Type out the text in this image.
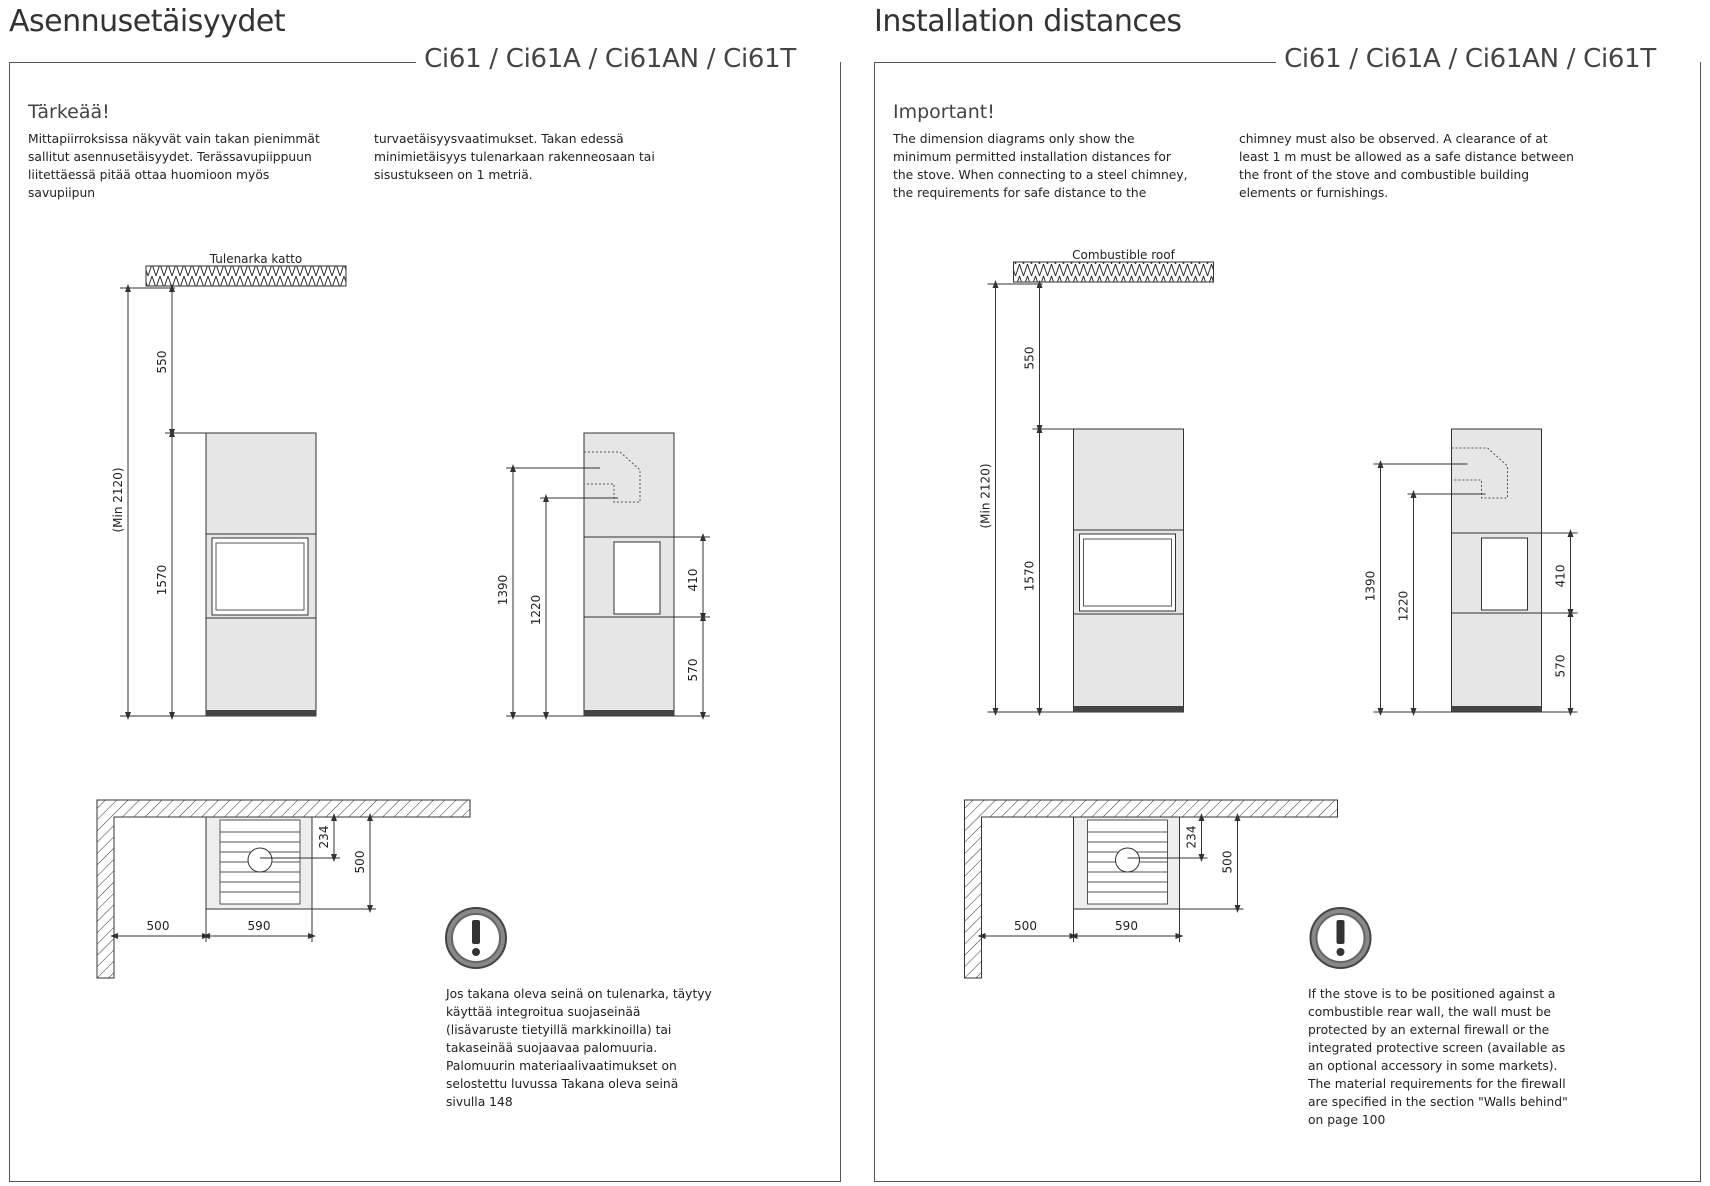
Asennusetäisyydet
Ci61 / Ci61A / Ci61AN / Ci61T
Tärkeää!
Mittapiirroksissa näkyvät vain takan pienimmät sallitut asennusetäisyydet. Terässavupiippuun liitettäessä pitää ottaa huomioon myös savupiipun
turvaetäisyysvaatimukset. Takan edessä minimietäisyys tulenarkaan rakenneosaan tai sisustukseen on 1 metriä.
Tulenarka katto
(Min 2120)
550
1570	1390
1220
410
570
234
500
500	590
Jos takana oleva seinä on tulenarka, täytyy käyttää integroitua suojaseinää (lisävaruste tietyillä markkinoilla) tai takaseinää suojaavaa palomuuria. Palomuurin materiaalivaatimukset on selostettu luvussa Takana oleva seinä sivulla 148
Installation distances
Ci61 / Ci61A / Ci61AN / Ci61T
Important!
The dimension diagrams only show the minimum permitted installation distances for the stove. When connecting to a steel chimney, the requirements for safe distance to the
chimney must also be observed. A clearance of at least 1 m must be allowed as a safe distance between the front of the stove and combustible building elements or furnishings.
Combustible roof
(Min 2120)
550
1570	1390
1220
410
570
234
500
500	590
If the stove is to be positioned against a combustible rear wall, the wall must be protected by an external firewall or the integrated protective screen (available as an optional accessory in some markets). The material requirements for the firewall are specified in the section "Walls behind" on page 100
